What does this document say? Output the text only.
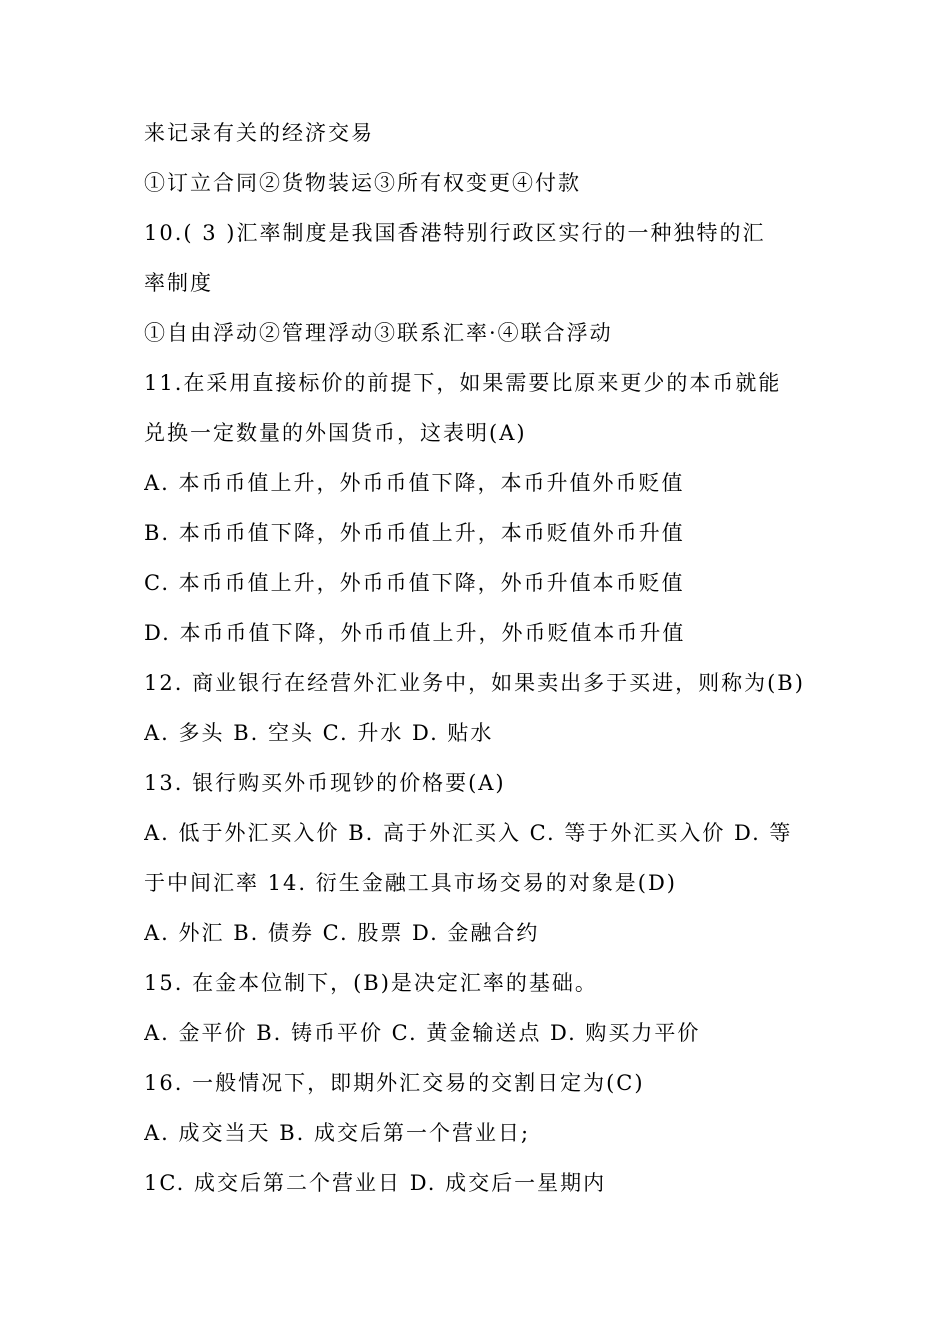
来记录有关的经济交易
①订立合同②货物装运③所有权变更④付款
10.( 3 )汇率制度是我国香港特别行政区实行的一种独特的汇
率制度
①自由浮动②管理浮动③联系汇率·④联合浮动
11.在采用直接标价的前提下，如果需要比原来更少的本币就能
兑换一定数量的外国货币，这表明(A)
A. 本币币值上升，外币币值下降，本币升值外币贬值
B. 本币币值下降，外币币值上升，本币贬值外币升值
C. 本币币值上升，外币币值下降，外币升值本币贬值
D. 本币币值下降，外币币值上升，外币贬值本币升值
12. 商业银行在经营外汇业务中，如果卖出多于买进，则称为(B)
A. 多头 B. 空头 C. 升水 D. 贴水
13. 银行购买外币现钞的价格要(A)
A. 低于外汇买入价 B. 高于外汇买入 C. 等于外汇买入价 D. 等
于中间汇率 14. 衍生金融工具市场交易的对象是(D)
A. 外汇 B. 债券 C. 股票 D. 金融合约
15. 在金本位制下，(B)是决定汇率的基础。
A. 金平价 B. 铸币平价 C. 黄金输送点 D. 购买力平价
16. 一般情况下，即期外汇交易的交割日定为(C)
A. 成交当天 B. 成交后第一个营业日;
1C. 成交后第二个营业日 D. 成交后一星期内
